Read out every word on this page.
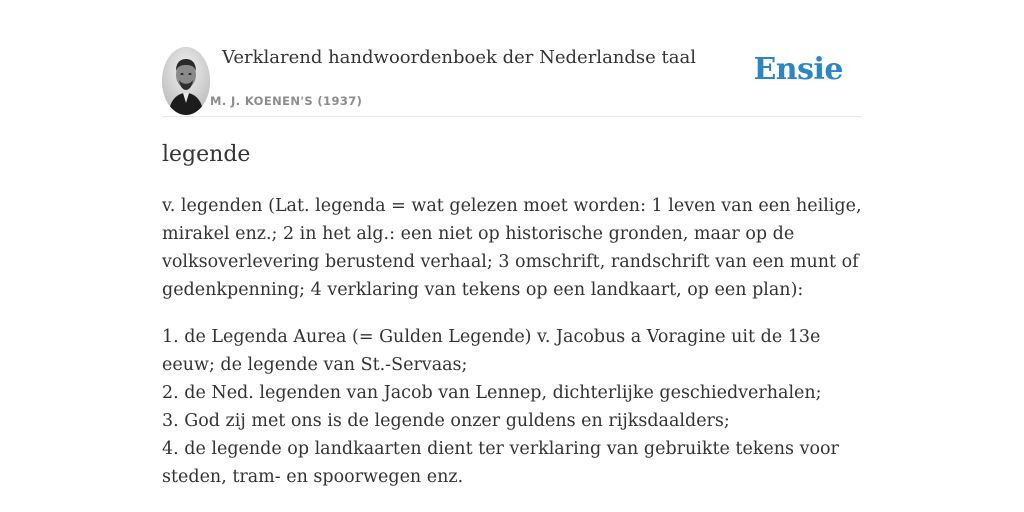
Verklarend handwoordenboek der Nederlandse taal
M. J. KOENEN'S (1937)
Ensie
legende

v. legenden (Lat. legenda = wat gelezen moet worden: 1 leven van een heilige, mirakel enz.; 2 in het alg.: een niet op historische gronden, maar op de volksoverlevering berustend verhaal; 3 omschrift, randschrift van een munt of gedenkpenning; 4 verklaring van tekens op een landkaart, op een plan):

1. de Legenda Aurea (= Gulden Legende) v. Jacobus a Voragine uit de 13e eeuw; de legende van St.-Servaas;
2. de Ned. legenden van Jacob van Lennep, dichterlijke geschiedverhalen;
3. God zij met ons is de legende onzer guldens en rijksdaalders;
4. de legende op landkaarten dient ter verklaring van gebruikte tekens voor steden, tram- en spoorwegen enz.
